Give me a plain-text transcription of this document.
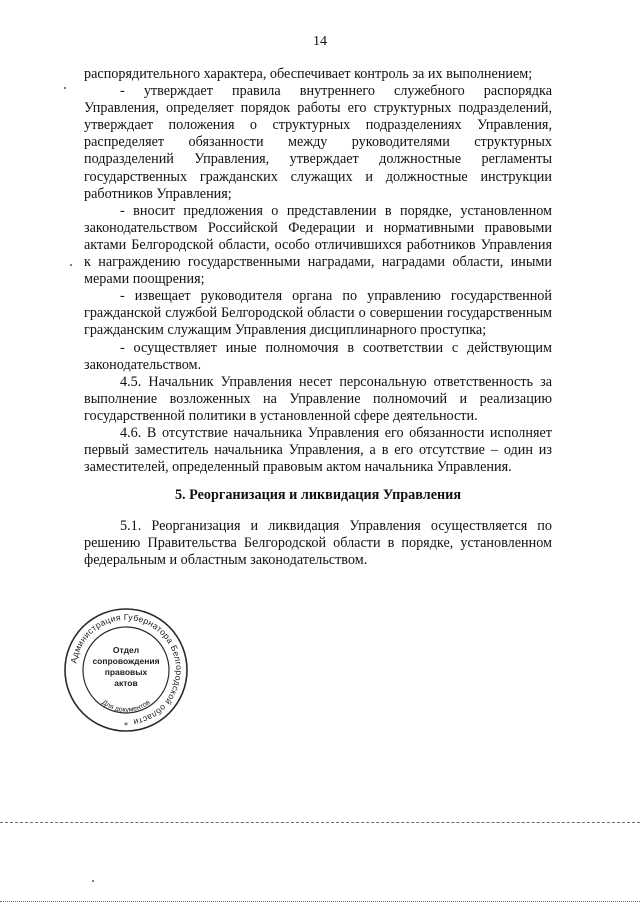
14

распорядительного характера, обеспечивает контроль за их выполнением;

- утверждает правила внутреннего служебного распорядка Управления, определяет порядок работы его структурных подразделений, утверждает положения о структурных подразделениях Управления, распределяет обязанности между руководителями структурных подразделений Управления, утверждает должностные регламенты государственных гражданских служащих и должностные инструкции работников Управления;

- вносит предложения о представлении в порядке, установленном законодательством Российской Федерации и нормативными правовыми актами Белгородской области, особо отличившихся работников Управления к награждению государственными наградами, наградами области, иными мерами поощрения;

- извещает руководителя органа по управлению государственной гражданской службой Белгородской области о совершении государственным гражданским служащим Управления дисциплинарного проступка;

- осуществляет иные полномочия в соответствии с действующим законодательством.

4.5. Начальник Управления несет персональную ответственность за выполнение возложенных на Управление полномочий и реализацию государственной политики в установленной сфере деятельности.

4.6. В отсутствие начальника Управления его обязанности исполняет первый заместитель начальника Управления, а в его отсутствие – один из заместителей, определенный правовым актом начальника Управления.

5. Реорганизация и ликвидация Управления

5.1. Реорганизация и ликвидация Управления осуществляется по решению Правительства Белгородской области в порядке, установленном федеральным и областным законодательством.

Администрация Губернатора Белгородской области
Отдел
сопровождения
правовых
актов
Для документов
*
